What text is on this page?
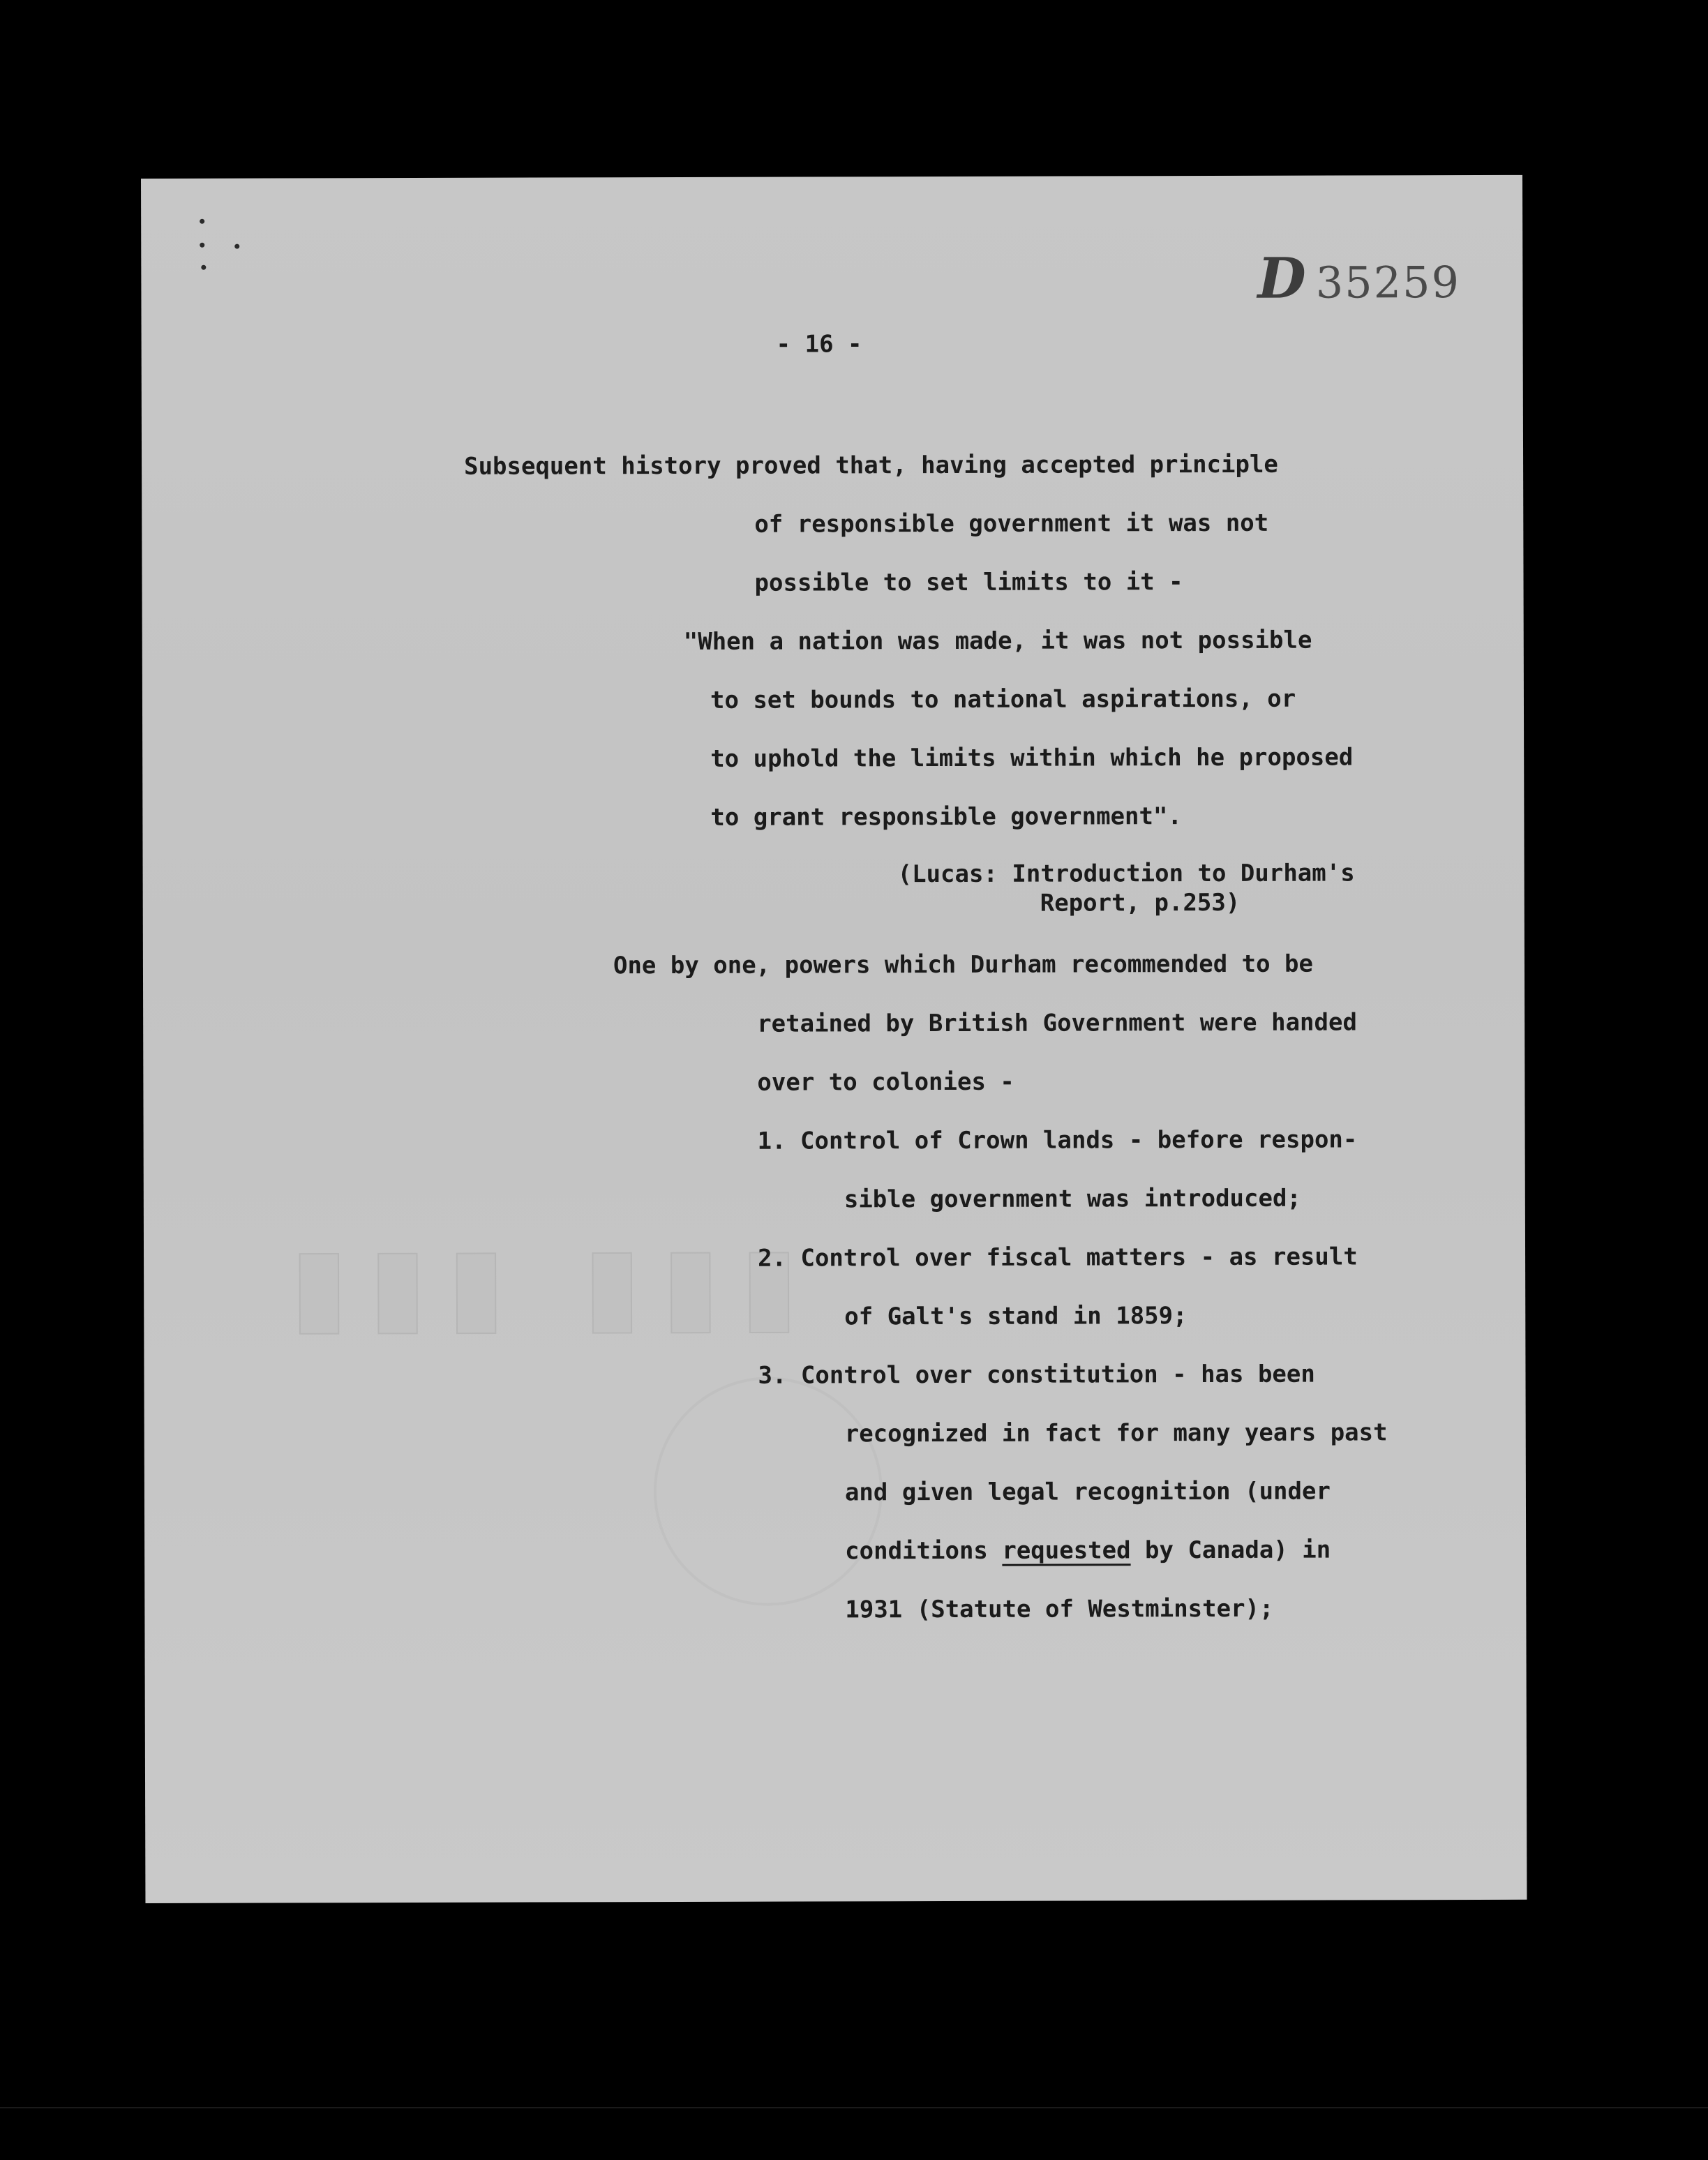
▮▮▮ ▮▮▮
D 35259
- 16 -
Subsequent history proved that, having accepted principle
of responsible government it was not
possible to set limits to it -
"When a nation was made, it was not possible
to set bounds to national aspirations, or
to uphold the limits within which he proposed
to grant responsible government".
(Lucas: Introduction to Durham's
Report, p.253)
One by one, powers which Durham recommended to be
retained by British Government were handed
over to colonies -
1. Control of Crown lands - before respon-
sible government was introduced;
2. Control over fiscal matters - as result
of Galt's stand in 1859;
3. Control over constitution - has been
recognized in fact for many years past
and given legal recognition (under
conditions requested by Canada) in
1931 (Statute of Westminster);
